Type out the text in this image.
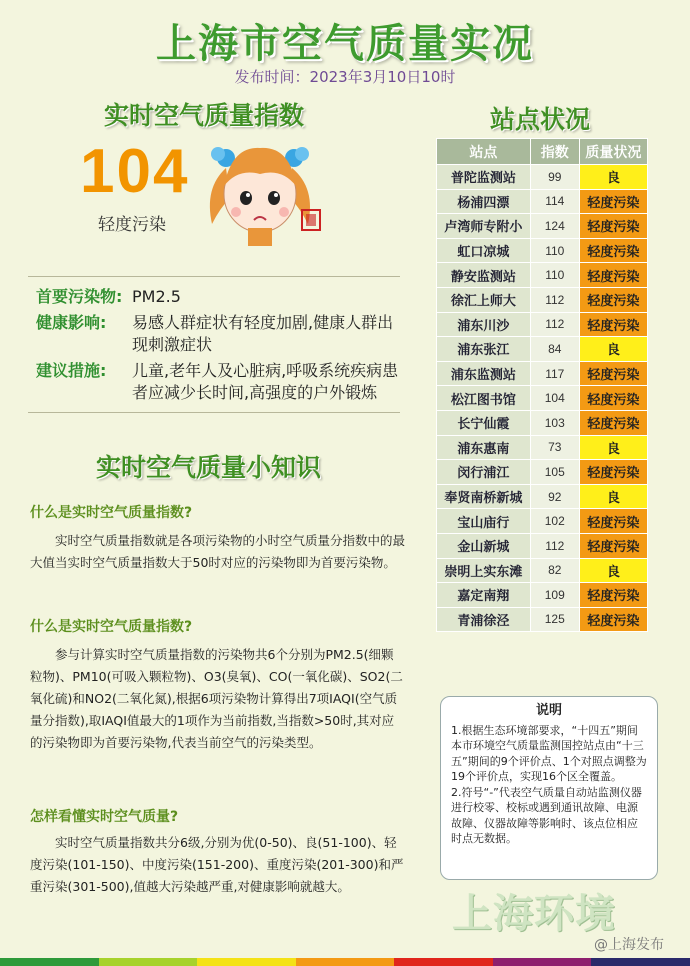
上海市空气质量实况
发布时间：2023年3月10日10时
实时空气质量指数
104
轻度污染
首要污染物: PM2.5
健康影响: 易感人群症状有轻度加剧,健康人群出现刺激症状
建议措施: 儿童,老年人及心脏病,呼吸系统疾病患者应减少长时间,高强度的户外锻炼
实时空气质量小知识
什么是实时空气质量指数?
实时空气质量指数就是各项污染物的小时空气质量分指数中的最大值当实时空气质量指数大于50时对应的污染物即为首要污染物。
什么是实时空气质量指数?
参与计算实时空气质量指数的污染物共6个分别为PM2.5(细颗粒物)、PM10(可吸入颗粒物)、O3(臭氧)、CO(一氧化碳)、SO2(二氧化硫)和NO2(二氧化氮),根据6项污染物计算得出7项IAQI(空气质量分指数),取IAQI值最大的1项作为当前指数,当指数>50时,其对应的污染物即为首要污染物,代表当前空气的污染类型。
怎样看懂实时空气质量?
实时空气质量指数共分6级,分别为优(0-50)、良(51-100)、轻度污染(101-150)、中度污染(151-200)、重度污染(201-300)和严重污染(301-500),值越大污染越严重,对健康影响就越大。
站点状况
站点	指数	质量状况
普陀监测站	99	良
杨浦四漂	114	轻度污染
卢湾师专附小	124	轻度污染
虹口凉城	110	轻度污染
静安监测站	110	轻度污染
徐汇上师大	112	轻度污染
浦东川沙	112	轻度污染
浦东张江	84	良
浦东监测站	117	轻度污染
松江图书馆	104	轻度污染
长宁仙霞	103	轻度污染
浦东惠南	73	良
闵行浦江	105	轻度污染
奉贤南桥新城	92	良
宝山庙行	102	轻度污染
金山新城	112	轻度污染
崇明上实东滩	82	良
嘉定南翔	109	轻度污染
青浦徐泾	125	轻度污染
说明
1.根据生态环境部要求，“十四五”期间本市环境空气质量监测国控站点由“十三五”期间的9个评价点、1个对照点调整为19个评价点，实现16个区全覆盖。
2.符号“-”代表空气质量自动站监测仪器进行校零、校标或遇到通讯故障、电源故障、仪器故障等影响时、该点位相应时点无数据。
上海环境
@上海发布
